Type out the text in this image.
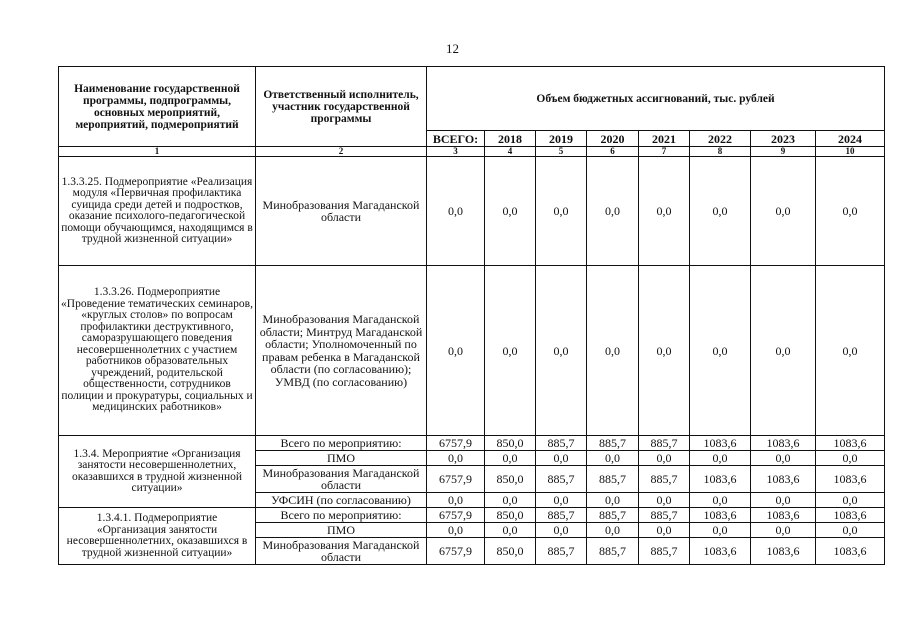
12
Наименование государственной программы, подпрограммы, основных мероприятий, мероприятий, подмероприятий	Ответственный исполнитель, участник государственной программы	Объем бюджетных ассигнований, тыс. рублей							
		ВСЕГО:	2018	2019	2020	2021	2022	2023	2024
1	2	3	4	5	6	7	8	9	10
1.3.3.25. Подмероприятие «Реализация модуля «Первичная профилактика суицида среди детей и подростков, оказание психолого-педагогической помощи обучающимся, находящимся в трудной жизненной ситуации»	Минобразования Магаданской области	0,0	0,0	0,0	0,0	0,0	0,0	0,0	0,0
1.3.3.26. Подмероприятие «Проведение тематических семинаров, «круглых столов» по вопросам профилактики деструктивного, саморазрушающего поведения несовершеннолетних с участием работников образовательных учреждений, родительской общественности, сотрудников полиции и прокуратуры, социальных и медицинских работников»	Минобразования Магаданской области; Минтруд Магаданской области; Уполномоченный по правам ребенка в Магаданской области (по согласованию); УМВД (по согласованию)	0,0	0,0	0,0	0,0	0,0	0,0	0,0	0,0
1.3.4. Мероприятие «Организация занятости несовершеннолетних, оказавшихся в трудной жизненной ситуации»	Всего по мероприятию:	6757,9	850,0	885,7	885,7	885,7	1083,6	1083,6	1083,6
	ПМО	0,0	0,0	0,0	0,0	0,0	0,0	0,0	0,0
	Минобразования Магаданской области	6757,9	850,0	885,7	885,7	885,7	1083,6	1083,6	1083,6
	УФСИН (по согласованию)	0,0	0,0	0,0	0,0	0,0	0,0	0,0	0,0
1.3.4.1. Подмероприятие «Организация занятости несовершеннолетних, оказавшихся в трудной жизненной ситуации»	Всего по мероприятию:	6757,9	850,0	885,7	885,7	885,7	1083,6	1083,6	1083,6
	ПМО	0,0	0,0	0,0	0,0	0,0	0,0	0,0	0,0
	Минобразования Магаданской области	6757,9	850,0	885,7	885,7	885,7	1083,6	1083,6	1083,6
